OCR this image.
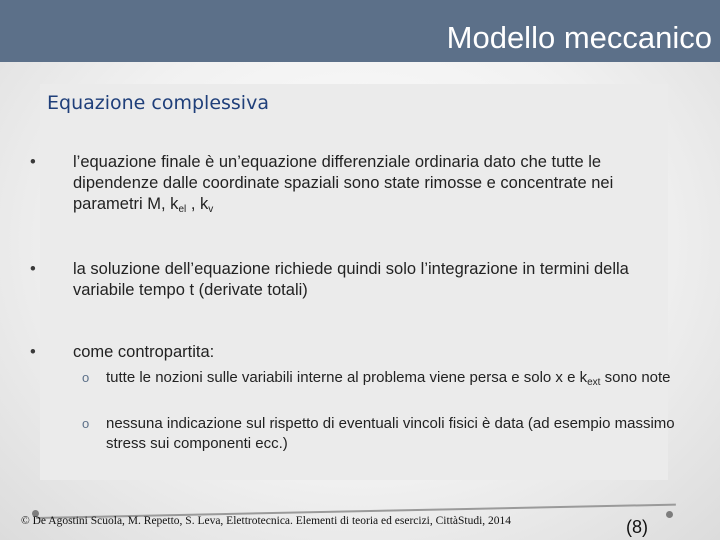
Modello meccanico
Equazione complessiva
• l’equazione finale è un’equazione differenziale ordinaria dato che tutte le dipendenze dalle coordinate spaziali sono state rimosse e concentrate nei parametri M, $k_{el}$ , $k_v$
• la soluzione dell’equazione richiede quindi solo l’integrazione in termini della variabile tempo t (derivate totali)
• come contropartita:
o tutte le nozioni sulle variabili interne al problema viene persa e solo x e $k_{ext}$ sono note
o nessuna indicazione sul rispetto di eventuali vincoli fisici è data (ad esempio massimo stress sui componenti ecc.)
© De Agostini Scuola, M. Repetto, S. Leva, Elettrotecnica. Elementi di teoria ed esercizi, CittàStudi, 2014	(8)
